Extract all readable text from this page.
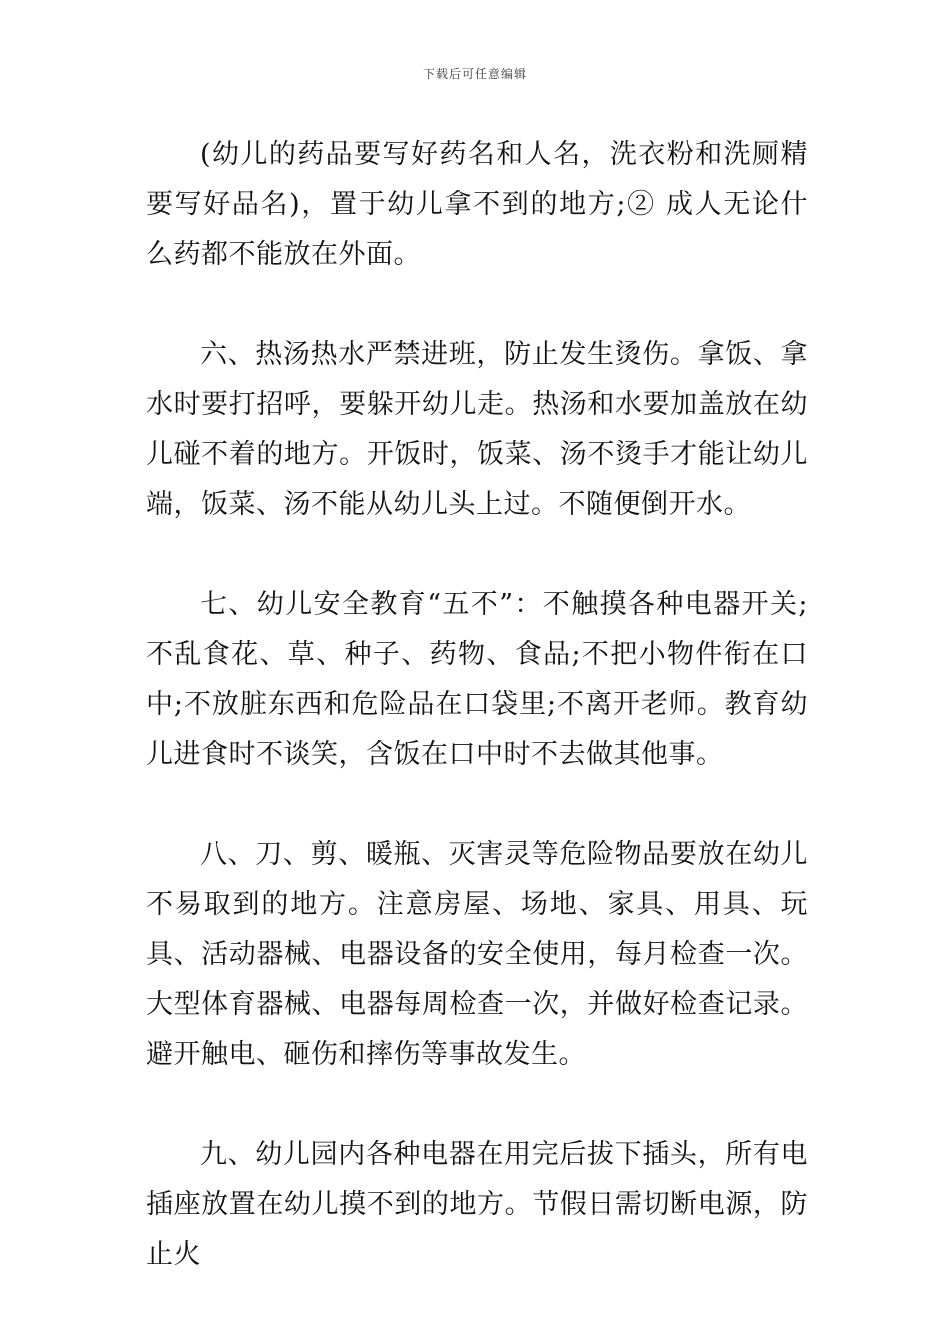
下载后可任意编辑

(幼儿的药品要写好药名和人名，洗衣粉和洗厕精要写好品名)，置于幼儿拿不到的地方;② 成人无论什么药都不能放在外面。

六、热汤热水严禁进班，防止发生烫伤。拿饭、拿水时要打招呼，要躲开幼儿走。热汤和水要加盖放在幼儿碰不着的地方。开饭时，饭菜、汤不烫手才能让幼儿端，饭菜、汤不能从幼儿头上过。不随便倒开水。

七、幼儿安全教育“五不”：不触摸各种电器开关;不乱食花、草、种子、药物、食品;不把小物件衔在口中;不放脏东西和危险品在口袋里;不离开老师。教育幼儿进食时不谈笑，含饭在口中时不去做其他事。

八、刀、剪、暖瓶、灭害灵等危险物品要放在幼儿不易取到的地方。注意房屋、场地、家具、用具、玩具、活动器械、电器设备的安全使用，每月检查一次。大型体育器械、电器每周检查一次，并做好检查记录。避开触电、砸伤和摔伤等事故发生。

九、幼儿园内各种电器在用完后拔下插头，所有电插座放置在幼儿摸不到的地方。节假日需切断电源，防止火
